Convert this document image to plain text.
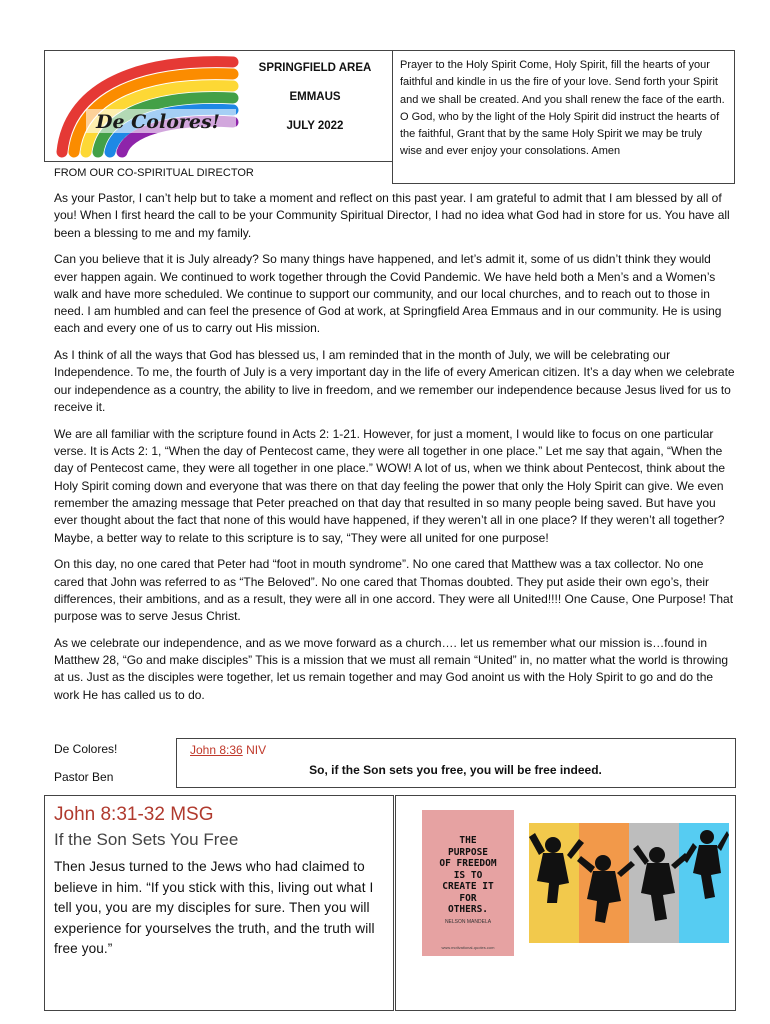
De Colores!
SPRINGFIELD AREA
EMMAUS
JULY 2022
Prayer to the Holy Spirit Come, Holy Spirit, fill the hearts of your faithful and kindle in us the fire of your love. Send forth your Spirit and we shall be created. And you shall renew the face of the earth. O God, who by the light of the Holy Spirit did instruct the hearts of the faithful, Grant that by the same Holy Spirit we may be truly wise and ever enjoy your consolations. Amen
FROM OUR CO-SPIRITUAL DIRECTOR

As your Pastor, I can’t help but to take a moment and reflect on this past year. I am grateful to admit that I am blessed by all of you! When I first heard the call to be your Community Spiritual Director, I had no idea what God had in store for us. You have all been a blessing to me and my family.

Can you believe that it is July already? So many things have happened, and let’s admit it, some of us didn’t think they would ever happen again. We continued to work together through the Covid Pandemic. We have held both a Men’s and a Women’s walk and have more scheduled. We continue to support our community, and our local churches, and to reach out to those in need. I am humbled and can feel the presence of God at work, at Springfield Area Emmaus and in our community. He is using each and every one of us to carry out His mission.

As I think of all the ways that God has blessed us, I am reminded that in the month of July, we will be celebrating our Independence. To me, the fourth of July is a very important day in the life of every American citizen. It’s a day when we celebrate our independence as a country, the ability to live in freedom, and we remember our independence because Jesus lived for us to receive it.

We are all familiar with the scripture found in Acts 2: 1-21. However, for just a moment, I would like to focus on one particular verse. It is Acts 2: 1, “When the day of Pentecost came, they were all together in one place.” Let me say that again, “When the day of Pentecost came, they were all together in one place.” WOW! A lot of us, when we think about Pentecost, think about the Holy Spirit coming down and everyone that was there on that day feeling the power that only the Holy Spirit can give. We even remember the amazing message that Peter preached on that day that resulted in so many people being saved. But have you ever thought about the fact that none of this would have happened, if they weren’t all in one place? If they weren’t all together? Maybe, a better way to relate to this scripture is to say, “They were all united for one purpose!

On this day, no one cared that Peter had “foot in mouth syndrome”. No one cared that Matthew was a tax collector. No one cared that John was referred to as “The Beloved”. No one cared that Thomas doubted. They put aside their own ego’s, their differences, their ambitions, and as a result, they were all in one accord. They were all United!!!! One Cause, One Purpose! That purpose was to serve Jesus Christ.

As we celebrate our independence, and as we move forward as a church…. let us remember what our mission is…found in Matthew 28, “Go and make disciples” This is a mission that we must all remain “United” in, no matter what the world is throwing at us. Just as the disciples were together, let us remain together and may God anoint us with the Holy Spirit to go and do the work He has called us to do.

De Colores!
Pastor Ben
John 8:36 NIV
So, if the Son sets you free, you will be free indeed.
John 8:31-32 MSG
If the Son Sets You Free
Then Jesus turned to the Jews who had claimed to believe in him. “If you stick with this, living out what I tell you, you are my disciples for sure. Then you will experience for yourselves the truth, and the truth will free you.”
THE
PURPOSE
OF FREEDOM
IS TO
CREATE IT
FOR
OTHERS.
NELSON MANDELA
www.motivational-quotes.com
